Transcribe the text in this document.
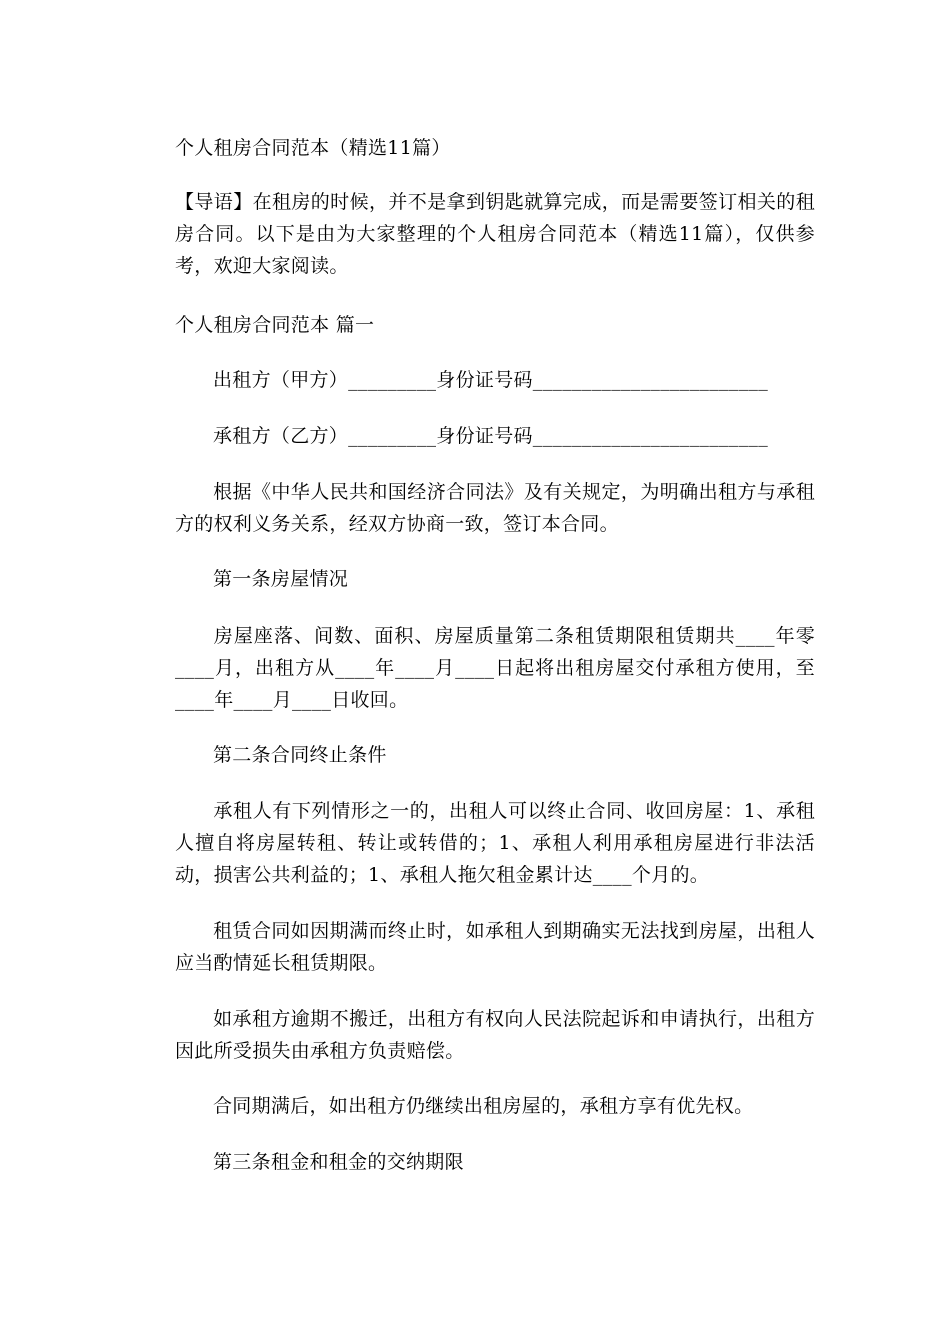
个人租房合同范本（精选11篇）
【导语】在租房的时候，并不是拿到钥匙就算完成，而是需要签订相关的租房合同。以下是由为大家整理的个人租房合同范本（精选11篇），仅供参考，欢迎大家阅读。
个人租房合同范本 篇一
出租方（甲方）_________身份证号码________________________
承租方（乙方）_________身份证号码________________________
根据《中华人民共和国经济合同法》及有关规定，为明确出租方与承租方的权利义务关系，经双方协商一致，签订本合同。
第一条房屋情况
房屋座落、间数、面积、房屋质量第二条租赁期限租赁期共____年零____月，出租方从____年____月____日起将出租房屋交付承租方使用，至____年____月____日收回。
第二条合同终止条件
承租人有下列情形之一的，出租人可以终止合同、收回房屋：1、承租人擅自将房屋转租、转让或转借的；1、承租人利用承租房屋进行非法活动，损害公共利益的；1、承租人拖欠租金累计达____个月的。
租赁合同如因期满而终止时，如承租人到期确实无法找到房屋，出租人应当酌情延长租赁期限。
如承租方逾期不搬迁，出租方有权向人民法院起诉和申请执行，出租方因此所受损失由承租方负责赔偿。
合同期满后，如出租方仍继续出租房屋的，承租方享有优先权。
第三条租金和租金的交纳期限
